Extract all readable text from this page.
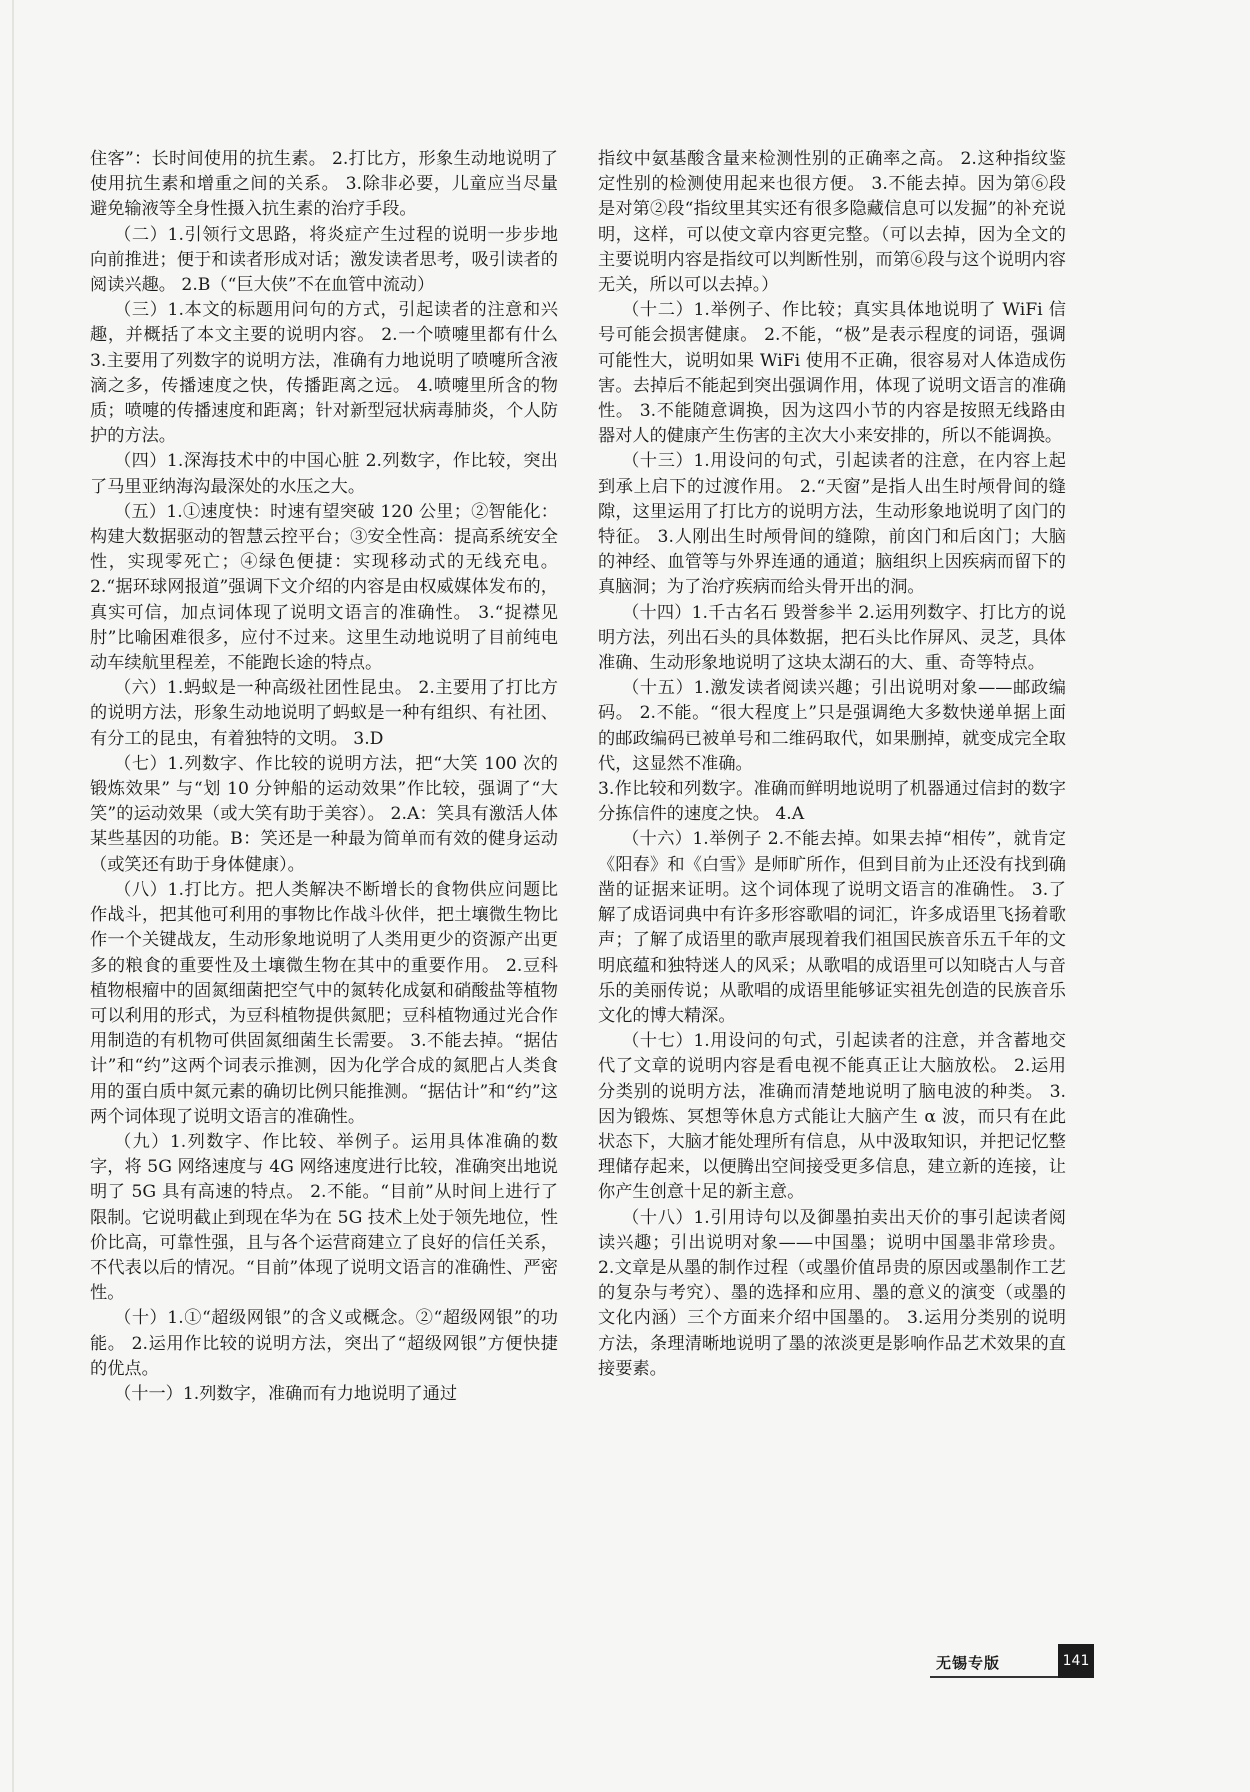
住客”：长时间使用的抗生素。 2.打比方，形象生动地说明了使用抗生素和增重之间的关系。 3.除非必要，儿童应当尽量避免输液等全身性摄入抗生素的治疗手段。

（二）1.引领行文思路，将炎症产生过程的说明一步步地向前推进；便于和读者形成对话；激发读者思考，吸引读者的阅读兴趣。 2.B（“巨大侠”不在血管中流动）

（三）1.本文的标题用问句的方式，引起读者的注意和兴趣，并概括了本文主要的说明内容。 2.一个喷嚏里都有什么 3.主要用了列数字的说明方法，准确有力地说明了喷嚏所含液滴之多，传播速度之快，传播距离之远。 4.喷嚏里所含的物质；喷嚏的传播速度和距离；针对新型冠状病毒肺炎，个人防护的方法。

（四）1.深海技术中的中国心脏 2.列数字，作比较，突出了马里亚纳海沟最深处的水压之大。

（五）1.①速度快：时速有望突破 120 公里；②智能化：构建大数据驱动的智慧云控平台；③安全性高：提高系统安全性，实现零死亡；④绿色便捷：实现移动式的无线充电。 2.“据环球网报道”强调下文介绍的内容是由权威媒体发布的，真实可信，加点词体现了说明文语言的准确性。 3.“捉襟见肘”比喻困难很多，应付不过来。这里生动地说明了目前纯电动车续航里程差，不能跑长途的特点。

（六）1.蚂蚁是一种高级社团性昆虫。 2.主要用了打比方的说明方法，形象生动地说明了蚂蚁是一种有组织、有社团、有分工的昆虫，有着独特的文明。 3.D

（七）1.列数字、作比较的说明方法，把“大笑 100 次的锻炼效果” 与“划 10 分钟船的运动效果”作比较，强调了“大笑”的运动效果（或大笑有助于美容）。 2.A：笑具有激活人体某些基因的功能。B：笑还是一种最为简单而有效的健身运动（或笑还有助于身体健康）。

（八）1.打比方。把人类解决不断增长的食物供应问题比作战斗，把其他可利用的事物比作战斗伙伴，把土壤微生物比作一个关键战友，生动形象地说明了人类用更少的资源产出更多的粮食的重要性及土壤微生物在其中的重要作用。 2.豆科植物根瘤中的固氮细菌把空气中的氮转化成氨和硝酸盐等植物可以利用的形式，为豆科植物提供氮肥；豆科植物通过光合作用制造的有机物可供固氮细菌生长需要。 3.不能去掉。“据估计”和“约”这两个词表示推测，因为化学合成的氮肥占人类食用的蛋白质中氮元素的确切比例只能推测。“据估计”和“约”这两个词体现了说明文语言的准确性。

（九）1.列数字、作比较、举例子。运用具体准确的数字，将 5G 网络速度与 4G 网络速度进行比较，准确突出地说明了 5G 具有高速的特点。 2.不能。“目前”从时间上进行了限制。它说明截止到现在华为在 5G 技术上处于领先地位，性价比高，可靠性强，且与各个运营商建立了良好的信任关系，不代表以后的情况。“目前”体现了说明文语言的准确性、严密性。

（十）1.①“超级网银”的含义或概念。②“超级网银”的功能。 2.运用作比较的说明方法，突出了“超级网银”方便快捷的优点。

（十一）1.列数字，准确而有力地说明了通过

指纹中氨基酸含量来检测性别的正确率之高。 2.这种指纹鉴定性别的检测使用起来也很方便。 3.不能去掉。因为第⑥段是对第②段“指纹里其实还有很多隐藏信息可以发掘”的补充说明，这样，可以使文章内容更完整。（可以去掉，因为全文的主要说明内容是指纹可以判断性别，而第⑥段与这个说明内容无关，所以可以去掉。）

（十二）1.举例子、作比较；真实具体地说明了 WiFi 信号可能会损害健康。 2.不能，“极”是表示程度的词语，强调可能性大，说明如果 WiFi 使用不正确，很容易对人体造成伤害。去掉后不能起到突出强调作用，体现了说明文语言的准确性。 3.不能随意调换，因为这四小节的内容是按照无线路由器对人的健康产生伤害的主次大小来安排的，所以不能调换。

（十三）1.用设问的句式，引起读者的注意，在内容上起到承上启下的过渡作用。 2.“天窗”是指人出生时颅骨间的缝隙，这里运用了打比方的说明方法，生动形象地说明了囟门的特征。 3.人刚出生时颅骨间的缝隙，前囟门和后囟门；大脑的神经、血管等与外界连通的通道；脑组织上因疾病而留下的真脑洞；为了治疗疾病而给头骨开出的洞。

（十四）1.千古名石 毁誉参半 2.运用列数字、打比方的说明方法，列出石头的具体数据，把石头比作屏风、灵芝，具体准确、生动形象地说明了这块太湖石的大、重、奇等特点。

（十五）1.激发读者阅读兴趣；引出说明对象——邮政编码。 2.不能。“很大程度上”只是强调绝大多数快递单据上面的邮政编码已被单号和二维码取代，如果删掉，就变成完全取代，这显然不准确。

3.作比较和列数字。准确而鲜明地说明了机器通过信封的数字分拣信件的速度之快。 4.A

（十六）1.举例子 2.不能去掉。如果去掉“相传”，就肯定《阳春》和《白雪》是师旷所作，但到目前为止还没有找到确凿的证据来证明。这个词体现了说明文语言的准确性。 3.了解了成语词典中有许多形容歌唱的词汇，许多成语里飞扬着歌声；了解了成语里的歌声展现着我们祖国民族音乐五千年的文明底蕴和独特迷人的风采；从歌唱的成语里可以知晓古人与音乐的美丽传说；从歌唱的成语里能够证实祖先创造的民族音乐文化的博大精深。

（十七）1.用设问的句式，引起读者的注意，并含蓄地交代了文章的说明内容是看电视不能真正让大脑放松。 2.运用分类别的说明方法，准确而清楚地说明了脑电波的种类。 3.因为锻炼、冥想等休息方式能让大脑产生 α 波，而只有在此状态下，大脑才能处理所有信息，从中汲取知识，并把记忆整理储存起来，以便腾出空间接受更多信息，建立新的连接，让你产生创意十足的新主意。

（十八）1.引用诗句以及御墨拍卖出天价的事引起读者阅读兴趣；引出说明对象——中国墨；说明中国墨非常珍贵。 2.文章是从墨的制作过程（或墨价值昂贵的原因或墨制作工艺的复杂与考究）、墨的选择和应用、墨的意义的演变（或墨的文化内涵）三个方面来介绍中国墨的。 3.运用分类别的说明方法，条理清晰地说明了墨的浓淡更是影响作品艺术效果的直接要素。

无锡专版	141
